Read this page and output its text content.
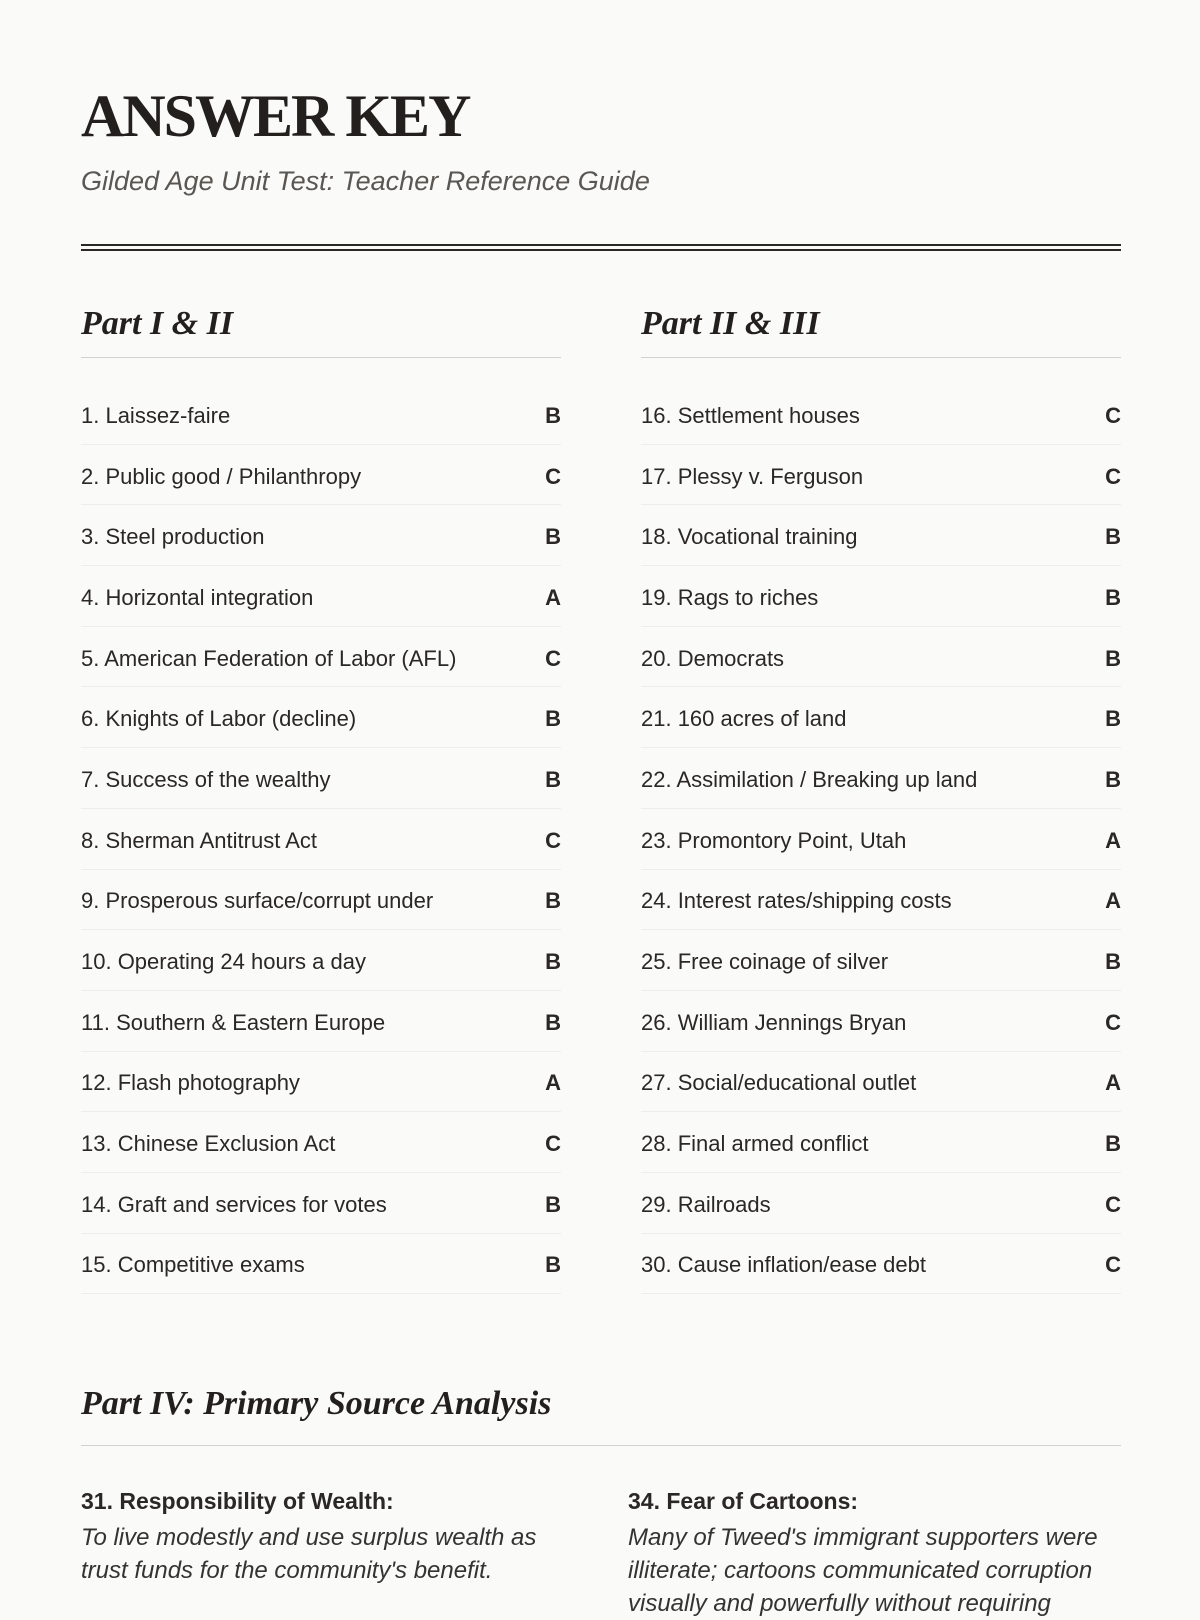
ANSWER KEY
Gilded Age Unit Test: Teacher Reference Guide
Part I & II
1. Laissez-faire	B
2. Public good / Philanthropy	C
3. Steel production	B
4. Horizontal integration	A
5. American Federation of Labor (AFL)	C
6. Knights of Labor (decline)	B
7. Success of the wealthy	B
8. Sherman Antitrust Act	C
9. Prosperous surface/corrupt under	B
10. Operating 24 hours a day	B
11. Southern & Eastern Europe	B
12. Flash photography	A
13. Chinese Exclusion Act	C
14. Graft and services for votes	B
15. Competitive exams	B
Part II & III
16. Settlement houses	C
17. Plessy v. Ferguson	C
18. Vocational training	B
19. Rags to riches	B
20. Democrats	B
21. 160 acres of land	B
22. Assimilation / Breaking up land	B
23. Promontory Point, Utah	A
24. Interest rates/shipping costs	A
25. Free coinage of silver	B
26. William Jennings Bryan	C
27. Social/educational outlet	A
28. Final armed conflict	B
29. Railroads	C
30. Cause inflation/ease debt	C
Part IV: Primary Source Analysis
31. Responsibility of Wealth:
To live modestly and use surplus wealth as trust funds for the community's benefit.
34. Fear of Cartoons:
Many of Tweed's immigrant supporters were illiterate; cartoons communicated corruption visually and powerfully without requiring
